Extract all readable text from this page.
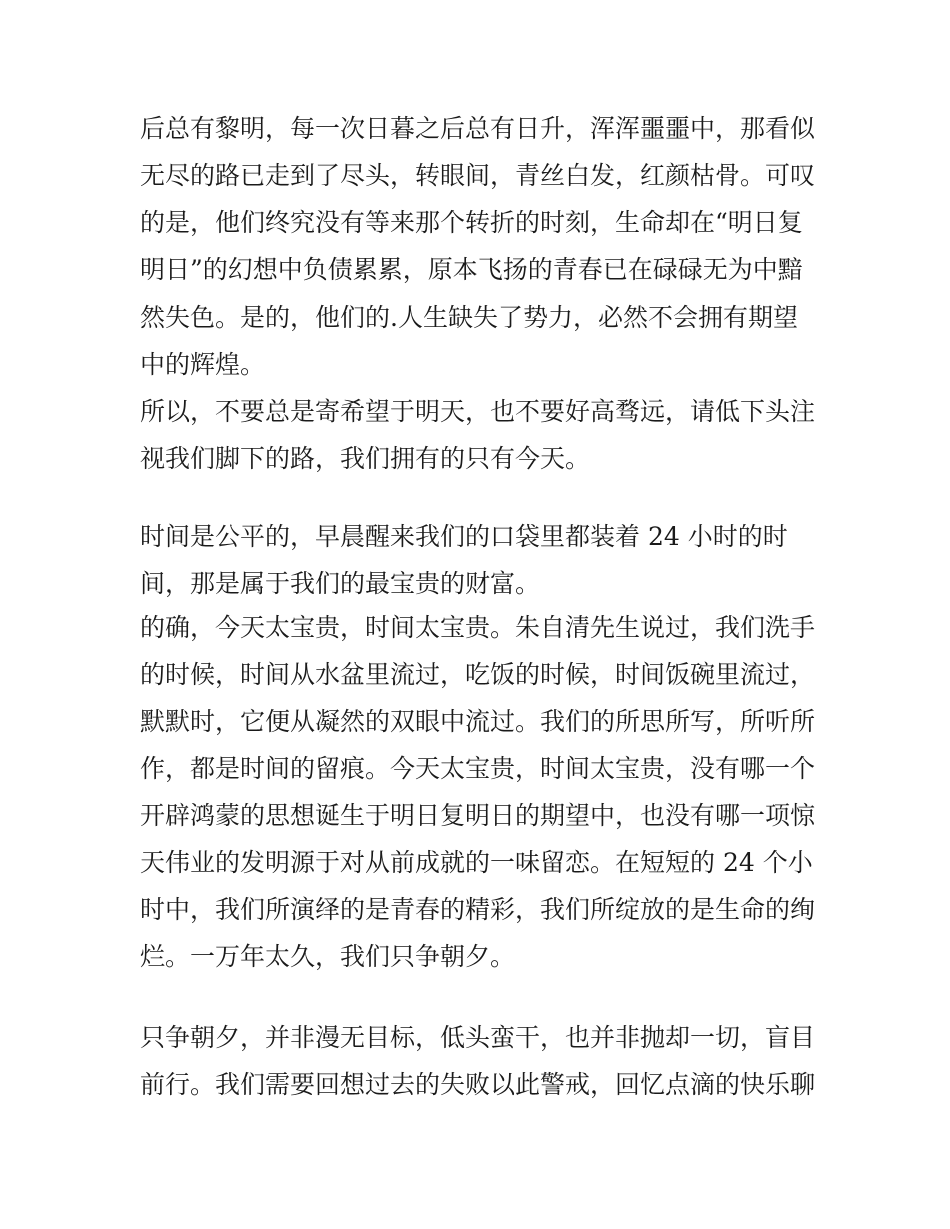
后总有黎明，每一次日暮之后总有日升，浑浑噩噩中，那看似
无尽的路已走到了尽头，转眼间，青丝白发，红颜枯骨。可叹
的是，他们终究没有等来那个转折的时刻，生命却在“明日复
明日”的幻想中负债累累，原本飞扬的青春已在碌碌无为中黯
然失色。是的，他们的.人生缺失了势力，必然不会拥有期望
中的辉煌。
所以，不要总是寄希望于明天，也不要好高骛远，请低下头注
视我们脚下的路，我们拥有的只有今天。
时间是公平的，早晨醒来我们的口袋里都装着 24 小时的时
间，那是属于我们的最宝贵的财富。
的确，今天太宝贵，时间太宝贵。朱自清先生说过，我们洗手
的时候，时间从水盆里流过，吃饭的时候，时间饭碗里流过，
默默时，它便从凝然的双眼中流过。我们的所思所写，所听所
作，都是时间的留痕。今天太宝贵，时间太宝贵，没有哪一个
开辟鸿蒙的思想诞生于明日复明日的期望中，也没有哪一项惊
天伟业的发明源于对从前成就的一味留恋。在短短的 24 个小
时中，我们所演绎的是青春的精彩，我们所绽放的是生命的绚
烂。一万年太久，我们只争朝夕。
只争朝夕，并非漫无目标，低头蛮干，也并非抛却一切，盲目
前行。我们需要回想过去的失败以此警戒，回忆点滴的快乐聊
